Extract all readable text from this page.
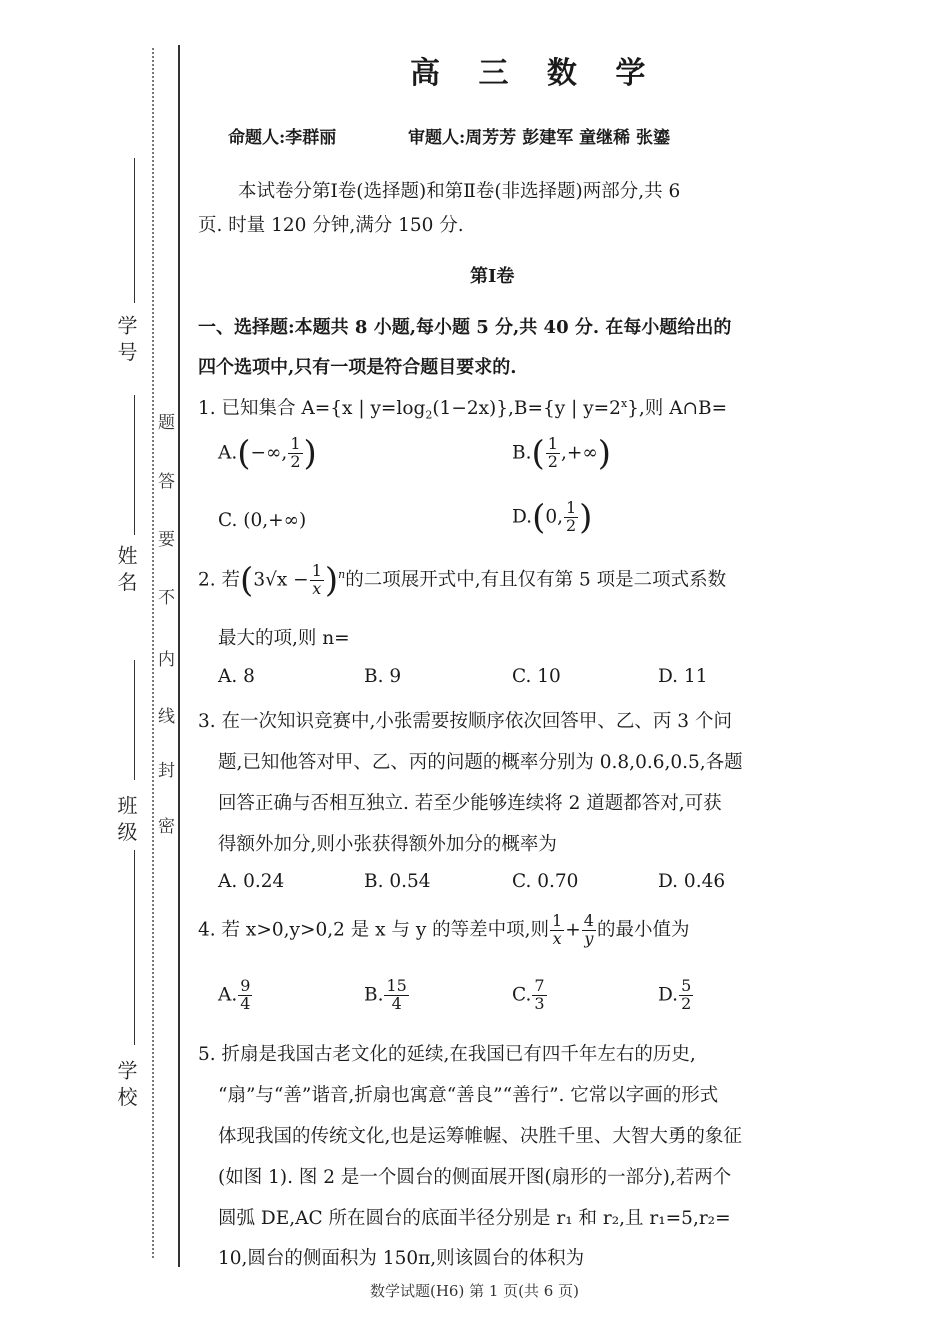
学 校
班 级
姓 名
学 号
密
封
线
内
不
要
答
题
高 三 数 学
命题人:李群丽	审题人:周芳芳 彭建军 童继稀 张鎏
本试卷分第Ⅰ卷(选择题)和第Ⅱ卷(非选择题)两部分,共 6
页. 时量 120 分钟,满分 150 分.
第Ⅰ卷
一、选择题:本题共 8 小题,每小题 5 分,共 40 分. 在每小题给出的
四个选项中,只有一项是符合题目要求的.
1. 已知集合 A={x | $y=\log_2(1-2x)\},B=\{y$ | $y=2^x$},则 A∩B=
A.(−∞, $\frac{1}{2}$ )	$B.( \frac{1}{2}$ ,+∞)
C. (0,+∞)	D.(0, $\frac{1}{2}$ )
2. 若$(3√x - \frac{1}{x} )^n$的二项展开式中,有且仅有第 5 项是二项式系数
最大的项,则 n=
A. 8	B. 9	C. 10	D. 11
3. 在一次知识竞赛中,小张需要按顺序依次回答甲、乙、丙 3 个问
题,已知他答对甲、乙、丙的问题的概率分别为 0.8,0.6,0.5,各题
回答正确与否相互独立. 若至少能够连续将 2 道题都答对,可获
得额外加分,则小张获得额外加分的概率为
A. 0.24	B. 0.54	C. 0.70	D. 0.46
4. 若 x>0,y>0,2 是 x 与 y 的等差中项,则 $\frac{1}{x} + \frac{4}{y}$ 的最小值为
A. $\frac{9}{4}$	B. $\frac{15}{4}$	C. $\frac{7}{3}$	D. $\frac{5}{2}$
5. 折扇是我国古老文化的延续,在我国已有四千年左右的历史,
“扇”与“善”谐音,折扇也寓意“善良”“善行”. 它常以字画的形式
体现我国的传统文化,也是运筹帷幄、决胜千里、大智大勇的象征
(如图 1). 图 2 是一个圆台的侧面展开图(扇形的一部分),若两个
圆弧 DE,AC 所在圆台的底面半径分别是 r₁ 和 r₂,且 r₁=5,r₂=
10,圆台的侧面积为 150π,则该圆台的体积为
数学试题(H6) 第 1 页(共 6 页)
